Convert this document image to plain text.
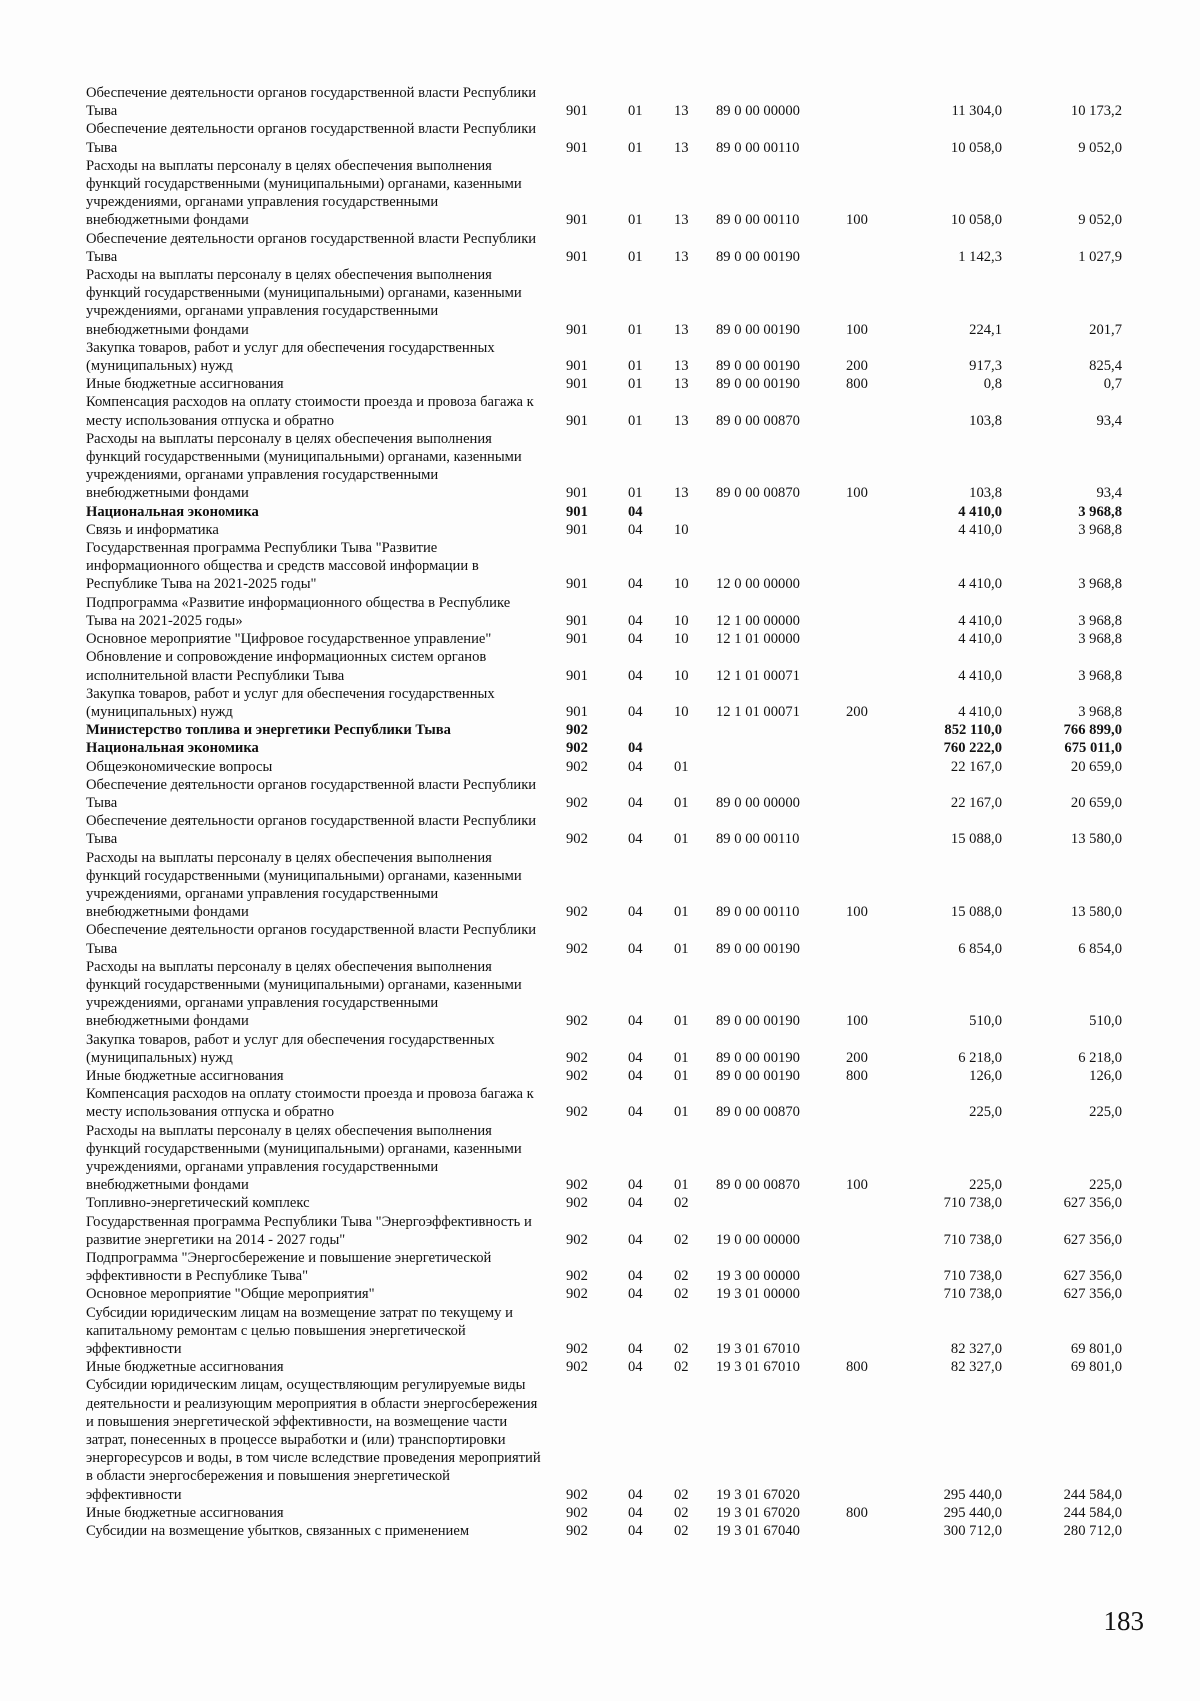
Обеспечение деятельности органов государственной власти Республики Тыва	901	01	13	89 0 00 00000		11 304,0	10 173,2
Обеспечение деятельности органов государственной власти Республики Тыва	901	01	13	89 0 00 00110		10 058,0	9 052,0
Расходы на выплаты персоналу в целях обеспечения выполнения функций государственными (муниципальными) органами, казенными учреждениями, органами управления государственными внебюджетными фондами	901	01	13	89 0 00 00110	100	10 058,0	9 052,0
Обеспечение деятельности органов государственной власти Республики Тыва	901	01	13	89 0 00 00190		1 142,3	1 027,9
Расходы на выплаты персоналу в целях обеспечения выполнения функций государственными (муниципальными) органами, казенными учреждениями, органами управления государственными внебюджетными фондами	901	01	13	89 0 00 00190	100	224,1	201,7
Закупка товаров, работ и услуг для обеспечения государственных (муниципальных) нужд	901	01	13	89 0 00 00190	200	917,3	825,4
Иные бюджетные ассигнования	901	01	13	89 0 00 00190	800	0,8	0,7
Компенсация расходов на оплату стоимости проезда и провоза багажа к месту использования отпуска и обратно	901	01	13	89 0 00 00870		103,8	93,4
Расходы на выплаты персоналу в целях обеспечения выполнения функций государственными (муниципальными) органами, казенными учреждениями, органами управления государственными внебюджетными фондами	901	01	13	89 0 00 00870	100	103,8	93,4
Национальная экономика	901	04				4 410,0	3 968,8
Связь и информатика	901	04	10			4 410,0	3 968,8
Государственная программа Республики Тыва "Развитие информационного общества и средств массовой информации в Республике Тыва на 2021-2025 годы"	901	04	10	12 0 00 00000		4 410,0	3 968,8
Подпрограмма «Развитие информационного общества в Республике Тыва на 2021-2025 годы»	901	04	10	12 1 00 00000		4 410,0	3 968,8
Основное мероприятие "Цифровое государственное управление"	901	04	10	12 1 01 00000		4 410,0	3 968,8
Обновление и сопровождение информационных систем органов исполнительной власти Республики Тыва	901	04	10	12 1 01 00071		4 410,0	3 968,8
Закупка товаров, работ и услуг для обеспечения государственных (муниципальных) нужд	901	04	10	12 1 01 00071	200	4 410,0	3 968,8
Министерство топлива и энергетики Республики Тыва	902					852 110,0	766 899,0
Национальная экономика	902	04				760 222,0	675 011,0
Общеэкономические вопросы	902	04	01			22 167,0	20 659,0
Обеспечение деятельности органов государственной власти Республики Тыва	902	04	01	89 0 00 00000		22 167,0	20 659,0
Обеспечение деятельности органов государственной власти Республики Тыва	902	04	01	89 0 00 00110		15 088,0	13 580,0
Расходы на выплаты персоналу в целях обеспечения выполнения функций государственными (муниципальными) органами, казенными учреждениями, органами управления государственными внебюджетными фондами	902	04	01	89 0 00 00110	100	15 088,0	13 580,0
Обеспечение деятельности органов государственной власти Республики Тыва	902	04	01	89 0 00 00190		6 854,0	6 854,0
Расходы на выплаты персоналу в целях обеспечения выполнения функций государственными (муниципальными) органами, казенными учреждениями, органами управления государственными внебюджетными фондами	902	04	01	89 0 00 00190	100	510,0	510,0
Закупка товаров, работ и услуг для обеспечения государственных (муниципальных) нужд	902	04	01	89 0 00 00190	200	6 218,0	6 218,0
Иные бюджетные ассигнования	902	04	01	89 0 00 00190	800	126,0	126,0
Компенсация расходов на оплату стоимости проезда и провоза багажа к месту использования отпуска и обратно	902	04	01	89 0 00 00870		225,0	225,0
Расходы на выплаты персоналу в целях обеспечения выполнения функций государственными (муниципальными) органами, казенными учреждениями, органами управления государственными внебюджетными фондами	902	04	01	89 0 00 00870	100	225,0	225,0
Топливно-энергетический комплекс	902	04	02			710 738,0	627 356,0
Государственная программа Республики Тыва "Энергоэффективность и развитие энергетики на 2014 - 2027 годы"	902	04	02	19 0 00 00000		710 738,0	627 356,0
Подпрограмма "Энергосбережение и повышение энергетической эффективности в Республике Тыва"	902	04	02	19 3 00 00000		710 738,0	627 356,0
Основное мероприятие "Общие мероприятия"	902	04	02	19 3 01 00000		710 738,0	627 356,0
Субсидии юридическим лицам на возмещение затрат по текущему и капитальному ремонтам с целью повышения энергетической эффективности	902	04	02	19 3 01 67010		82 327,0	69 801,0
Иные бюджетные ассигнования	902	04	02	19 3 01 67010	800	82 327,0	69 801,0
Субсидии юридическим лицам, осуществляющим регулируемые виды деятельности и реализующим мероприятия в области энергосбережения и повышения энергетической эффективности, на возмещение части затрат, понесенных в процессе выработки и (или) транспортировки энергоресурсов и воды, в том числе вследствие проведения мероприятий в области энергосбережения и повышения энергетической эффективности	902	04	02	19 3 01 67020		295 440,0	244 584,0
Иные бюджетные ассигнования	902	04	02	19 3 01 67020	800	295 440,0	244 584,0
Субсидии на возмещение убытков, связанных с применением	902	04	02	19 3 01 67040		300 712,0	280 712,0
183
